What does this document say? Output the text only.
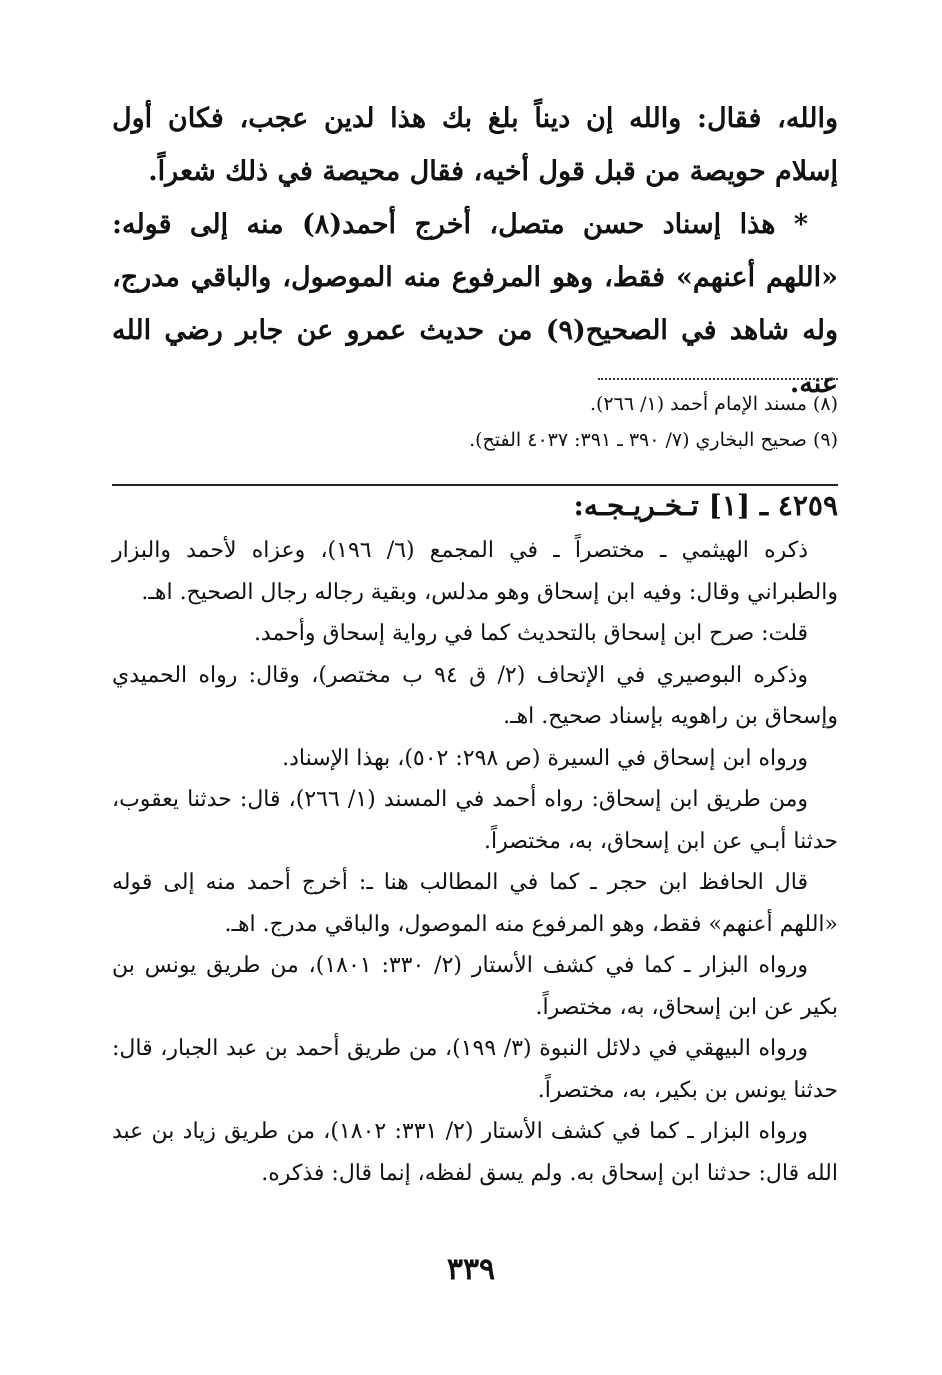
والله، فقال: والله إن ديناً بلغ بك هذا لدين عجب، فكان أول إسلام حويصة من قبل قول أخيه، فقال محيصة في ذلك شعراً.

* هذا إسناد حسن متصل، أخرج أحمد(٨) منه إلى قوله: «اللهم أعنهم» فقط، وهو المرفوع منه الموصول، والباقي مدرج، وله شاهد في الصحيح(٩) من حديث عمرو عن جابر رضي الله عنه.

(٨) مسند الإمام أحمد (١/ ٢٦٦).

(٩) صحيح البخاري (٧/ ٣٩٠ ـ ٣٩١: ٤٠٣٧ الفتح).

٤٢٥٩ ـ [١] تـخـريـجـه:

ذكره الهيثمي ـ مختصراً ـ في المجمع (٦/ ١٩٦)، وعزاه لأحمد والبزار والطبراني وقال: وفيه ابن إسحاق وهو مدلس، وبقية رجاله رجال الصحيح. اهـ.

قلت: صرح ابن إسحاق بالتحديث كما في رواية إسحاق وأحمد.

وذكره البوصيري في الإتحاف (٢/ ق ٩٤ ب مختصر)، وقال: رواه الحميدي وإسحاق بن راهويه بإسناد صحيح. اهـ.

ورواه ابن إسحاق في السيرة (ص ٢٩٨: ٥٠٢)، بهذا الإسناد.

ومن طريق ابن إسحاق: رواه أحمد في المسند (١/ ٢٦٦)، قال: حدثنا يعقوب، حدثنا أبـي عن ابن إسحاق، به، مختصراً.

قال الحافظ ابن حجر ـ كما في المطالب هنا ـ: أخرج أحمد منه إلى قوله «اللهم أعنهم» فقط، وهو المرفوع منه الموصول، والباقي مدرج. اهـ.

ورواه البزار ـ كما في كشف الأستار (٢/ ٣٣٠: ١٨٠١)، من طريق يونس بن بكير عن ابن إسحاق، به، مختصراً.

ورواه البيهقي في دلائل النبوة (٣/ ١٩٩)، من طريق أحمد بن عبد الجبار، قال: حدثنا يونس بن بكير، به، مختصراً.

ورواه البزار ـ كما في كشف الأستار (٢/ ٣٣١: ١٨٠٢)، من طريق زياد بن عبد الله قال: حدثنا ابن إسحاق به. ولم يسق لفظه، إنما قال: فذكره.

٣٣٩
